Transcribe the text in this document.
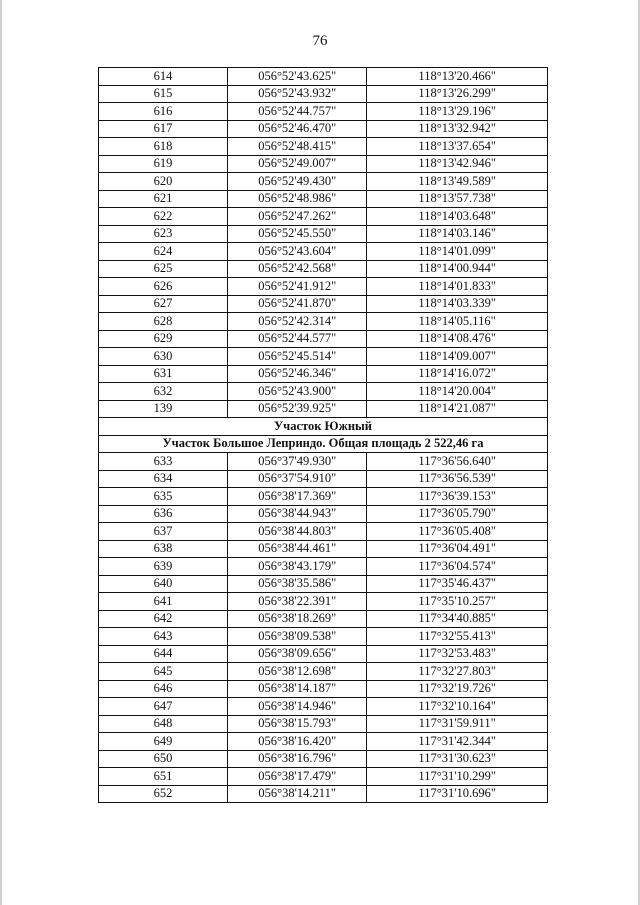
76
614	056°52'43.625"	118°13'20.466"
615	056°52'43.932"	118°13'26.299"
616	056°52'44.757"	118°13'29.196"
617	056°52'46.470"	118°13'32.942"
618	056°52'48.415"	118°13'37.654"
619	056°52'49.007"	118°13'42.946"
620	056°52'49.430"	118°13'49.589"
621	056°52'48.986"	118°13'57.738"
622	056°52'47.262"	118°14'03.648"
623	056°52'45.550"	118°14'03.146"
624	056°52'43.604"	118°14'01.099"
625	056°52'42.568"	118°14'00.944"
626	056°52'41.912"	118°14'01.833"
627	056°52'41.870"	118°14'03.339"
628	056°52'42.314"	118°14'05.116"
629	056°52'44.577"	118°14'08.476"
630	056°52'45.514"	118°14'09.007"
631	056°52'46.346"	118°14'16.072"
632	056°52'43.900"	118°14'20.004"
139	056°52'39.925"	118°14'21.087"
Участок Южный		
Участок Большое Леприндо. Общая площадь 2 522,46 га		
633	056°37'49.930"	117°36'56.640"
634	056°37'54.910"	117°36'56.539"
635	056°38'17.369"	117°36'39.153"
636	056°38'44.943"	117°36'05.790"
637	056°38'44.803"	117°36'05.408"
638	056°38'44.461"	117°36'04.491"
639	056°38'43.179"	117°36'04.574"
640	056°38'35.586"	117°35'46.437"
641	056°38'22.391"	117°35'10.257"
642	056°38'18.269"	117°34'40.885"
643	056°38'09.538"	117°32'55.413"
644	056°38'09.656"	117°32'53.483"
645	056°38'12.698"	117°32'27.803"
646	056°38'14.187"	117°32'19.726"
647	056°38'14.946"	117°32'10.164"
648	056°38'15.793"	117°31'59.911"
649	056°38'16.420"	117°31'42.344"
650	056°38'16.796"	117°31'30.623"
651	056°38'17.479"	117°31'10.299"
652	056°38'14.211"	117°31'10.696"
